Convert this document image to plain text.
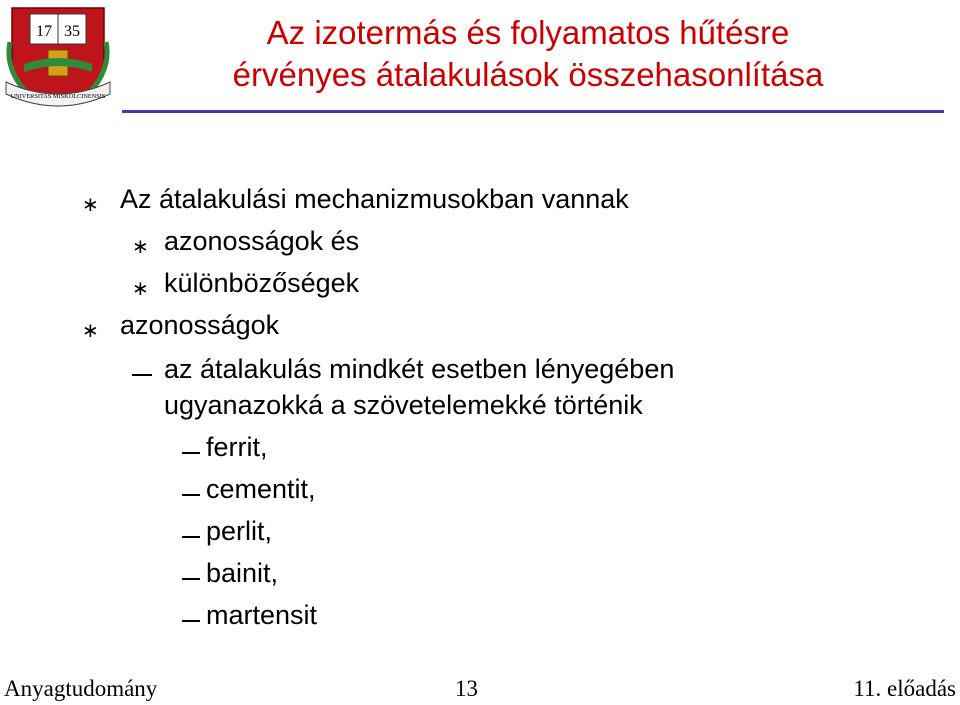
17 35
UNIVERSITAS MISKOLCINENSIS
Az izotermás és folyamatos hűtésre
érvényes átalakulások összehasonlítása
∗ Az átalakulási mechanizmusokban vannak
∗ azonosságok és
∗ különbözőségek
∗ azonosságok
az átalakulás mindkét esetben lényegében
ugyanazokká a szövetelemekké történik
ferrit,
cementit,
perlit,
bainit,
martensit
Anyagtudomány	13	11. előadás
